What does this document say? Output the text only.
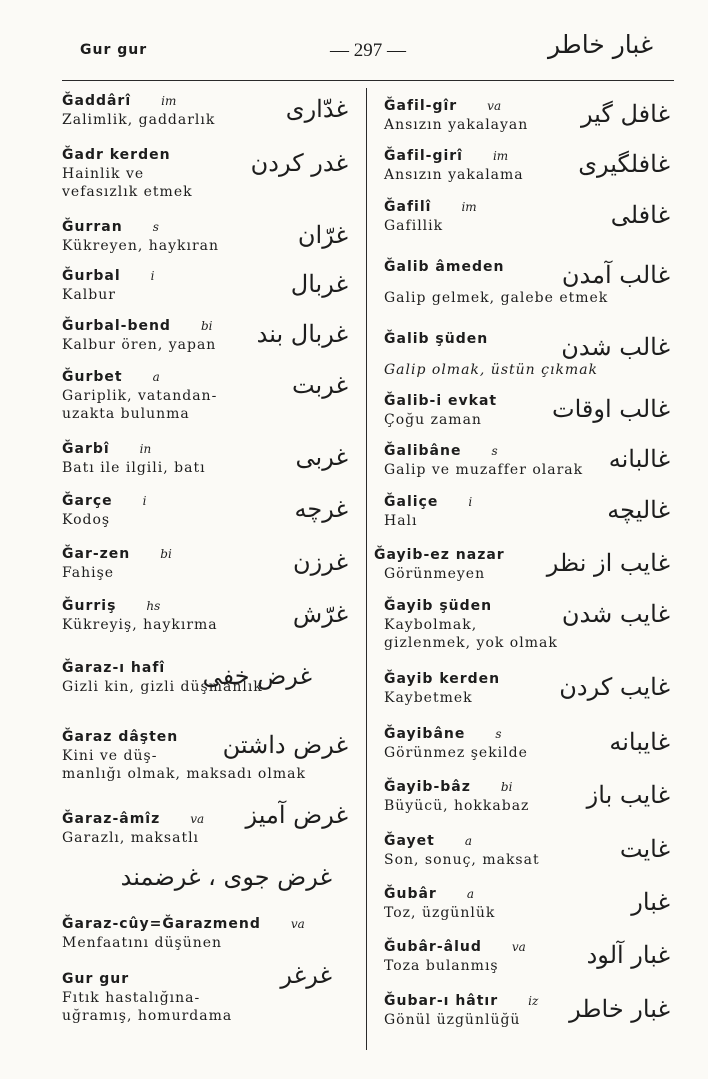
Gur gur	— 297 —	غبار خاطر
Ğaddârî	im
Zalimlik, gaddarlık	غدّارى
Ğadr kerden
Hainlik ve
vefasızlık etmek
غدر كردن
Ğurran	s
Kükreyen, haykıran	غرّان
Ğurbal	i
Kalbur	غربال
Ğurbal-bend	bi
Kalbur ören, yapan	غربال بند
Ğurbet	a
Gariplik, vatandan-
uzakta bulunma
غربت
Ğarbî	in
Batı ile ilgili, batı	غربى
Ğarçe	i
Kodoş	غرچه
Ğar-zen	bi
Fahişe	غرزن
Ğurriş	hs
Kükreyiş, haykırma	غرّش
Ğaraz-ı hafî
Gizli kin, gizli düşmanlık
غرض خفى
Ğaraz dâşten
Kini ve düş-
manlığı olmak, maksadı olmak
غرض داشتن
Ğaraz-âmîz	va
Garazlı, maksatlı
غرض آميز
غرض جوى ، غرضمند
Ğaraz-cûy=Ğarazmend	va
Menfaatını düşünen
Gur gur
Fıtık hastalığına-
uğramış, homurdama
غرغر
Ğafil-gîr	va
Ansızın yakalayan	غافل گير
Ğafil-girî	im
Ansızın yakalama	غافلگيرى
Ğafilî	im
Gafillik	غافلى
Ğalib âmeden
Galip gelmek, galebe etmek
غالب آمدن
Ğalib şüden
Galip olmak, üstün çıkmak
غالب شدن
Ğalib-i evkat
Çoğu zaman	غالب اوقات
Ğalibâne	s
Galip ve muzaffer olarak	غالبانه
Ğaliçe	i
Halı	غاليچه
Ğayib-ez nazar
Görünmeyen	غايب از نظر
Ğayib şüden
Kaybolmak,
gizlenmek, yok olmak
غايب شدن
Ğayib kerden
Kaybetmek	غايب كردن
Ğayibâne	s
Görünmez şekilde	غايبانه
Ğayib-bâz	bi
Büyücü, hokkabaz	غايب باز
Ğayet	a
Son, sonuç, maksat	غايت
Ğubâr	a
Toz, üzgünlük	غبار
Ğubâr-âlud	va
Toza bulanmış	غبار آلود
Ğubar-ı hâtır	iz
Gönül üzgünlüğü	غبار خاطر
